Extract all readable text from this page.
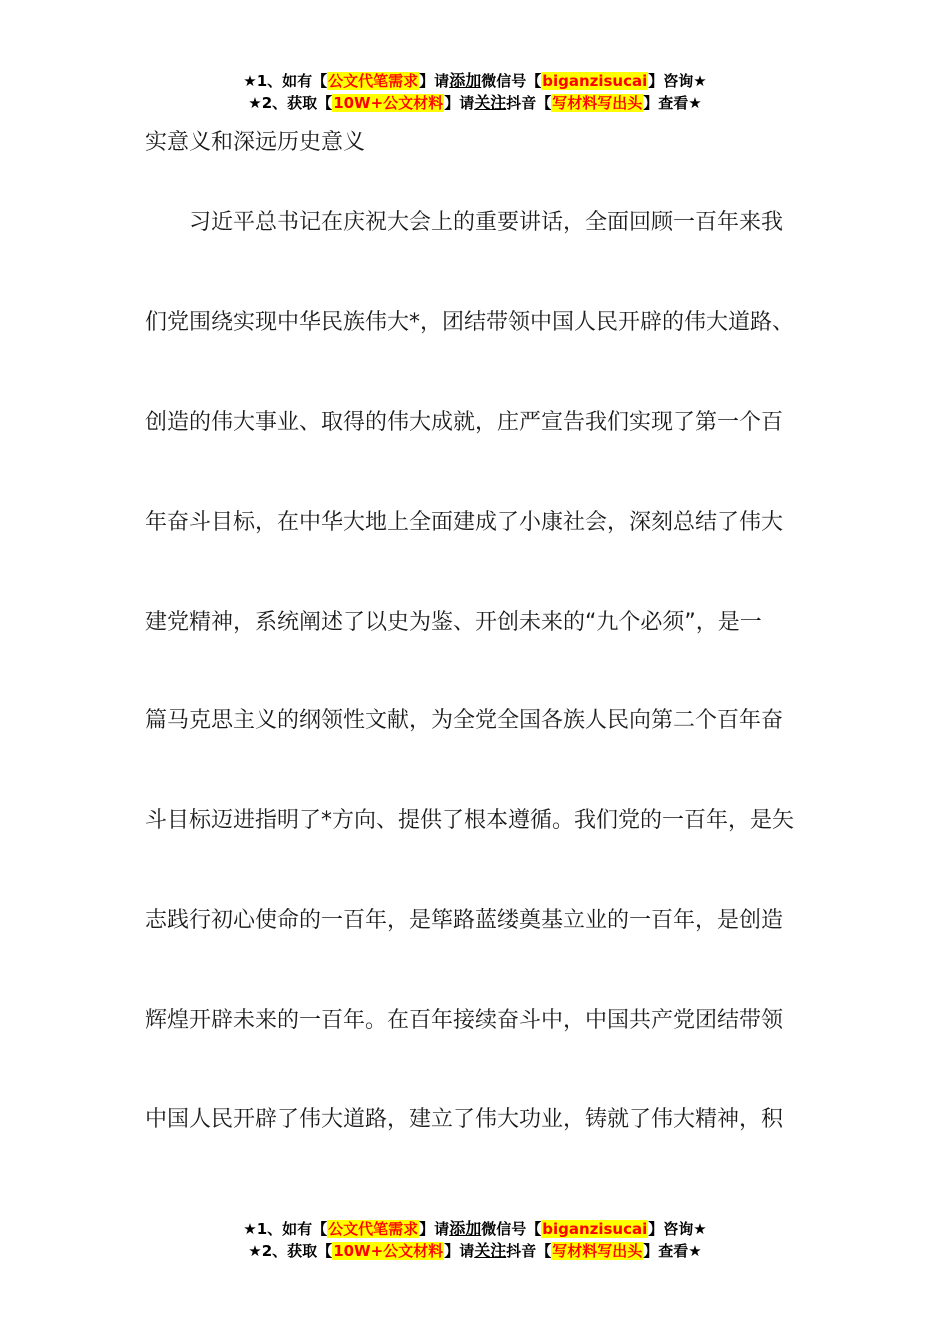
★1、如有【公文代笔需求】请添加微信号【biganzisucai】咨询★
★2、获取【10W+公文材料】请关注抖音【写材料写出头】查看★
实意义和深远历史意义
　　习近平总书记在庆祝大会上的重要讲话，全面回顾一百年来我
们党围绕实现中华民族伟大*，团结带领中国人民开辟的伟大道路、
创造的伟大事业、取得的伟大成就，庄严宣告我们实现了第一个百
年奋斗目标，在中华大地上全面建成了小康社会，深刻总结了伟大
建党精神，系统阐述了以史为鉴、开创未来的“九个必须”，是一
篇马克思主义的纲领性文献，为全党全国各族人民向第二个百年奋
斗目标迈进指明了*方向、提供了根本遵循。我们党的一百年，是矢
志践行初心使命的一百年，是筚路蓝缕奠基立业的一百年，是创造
辉煌开辟未来的一百年。在百年接续奋斗中，中国共产党团结带领
中国人民开辟了伟大道路，建立了伟大功业，铸就了伟大精神，积
★1、如有【公文代笔需求】请添加微信号【biganzisucai】咨询★
★2、获取【10W+公文材料】请关注抖音【写材料写出头】查看★
